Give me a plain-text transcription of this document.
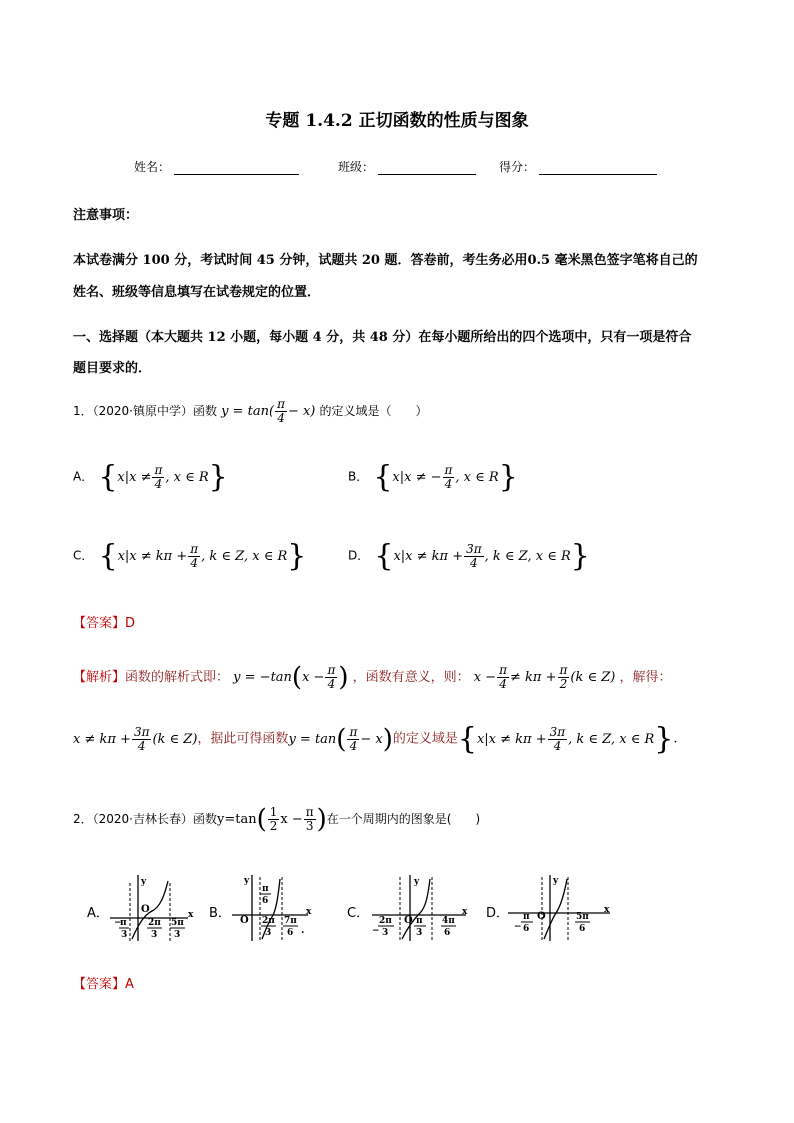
专题 1.4.2 正切函数的性质与图象
姓名：	班级：	得分：
注意事项：
本试卷满分 100 分，考试时间 45 分钟，试题共 20 题．答卷前，考生务必用0.5 毫米黑色签字笔将自己的
姓名、班级等信息填写在试卷规定的位置．
一、选择题（本大题共 12 小题，每小题 4 分，共 48 分）在每小题所给出的四个选项中，只有一项是符合
题目要求的．
1．（2020·镇原中学）函数 $y = \tan( \frac{\pi}{4} - x)$ 的定义域是（　　）
A． {$x|x \ne \frac{\pi}{4}$ , x ∈ R}	B． {x|x ≠ − $\frac{\pi}{4}$ , x ∈ R}
C． {$x|x \ne k\pi + \frac{\pi}{4}$ , k ∈ Z, x ∈ R}	D． {$x|x \ne k\pi + \frac{3\pi}{4}$ , k ∈ Z, x ∈ R}
【答案】D
【解析】函数的解析式即： $y = -\tan(x - \frac{\pi}{4}$ ) ，函数有意义，则： $x - \frac{\pi}{4} \ne k\pi + \frac{\pi}{2} (k$ ∈ Z) ，解得：
$x \ne k\pi + \frac{3\pi}{4} (k$ ∈ Z)，据此可得函数$y = \tan( \frac{\pi}{4} - x)$的定义域是{$x|x \ne k\pi + \frac{3\pi}{4}$ , k ∈ Z, x ∈ R}.
2．（2020·吉林长春）函数$y=\tan( \frac{1}{2}$ $x - \frac{\pi}{3}$ )在一个周期内的图象是(　　)
A．	x
y
O
−
π
3
2π
3
5π
3
B．	x
y
O
π
6
2π
3
7π
6 .
C．	x
y
O
−
2π
3
π
3
4π
6
D．	x
y
O
−
π
6
5π
6
【答案】A
